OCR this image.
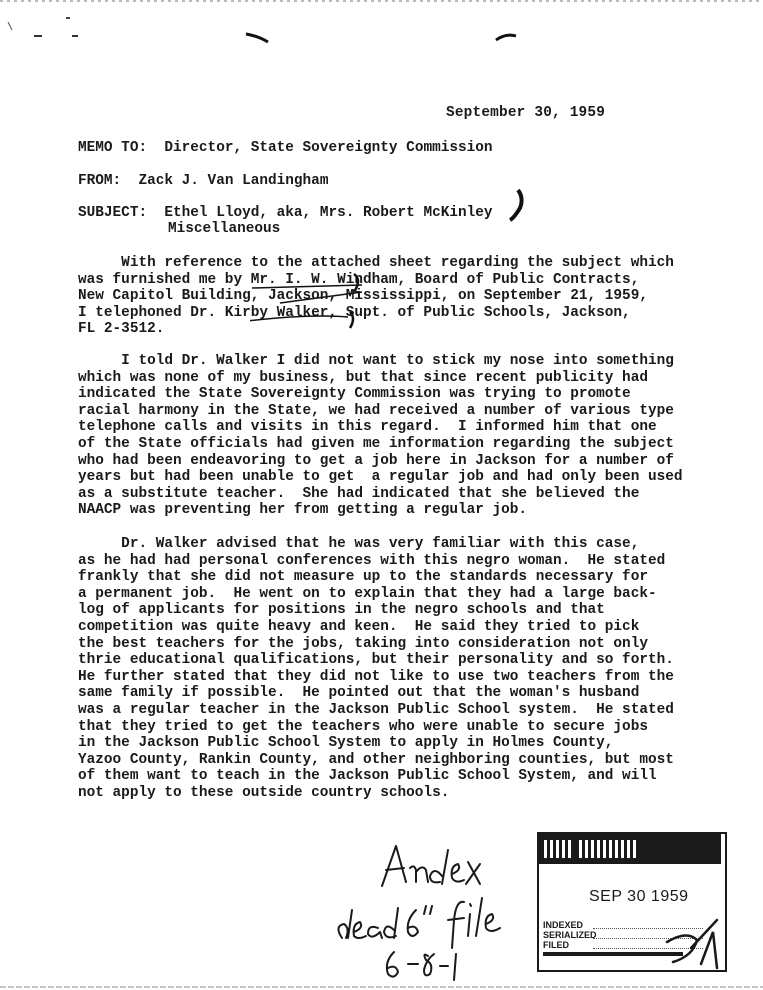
September 30, 1959
MEMO TO: Director, State Sovereignty Commission
FROM: Zack J. Van Landingham
SUBJECT: Ethel Lloyd, aka, Mrs. Robert McKinley
Miscellaneous
With reference to the attached sheet regarding the subject which
was furnished me by Mr. I. W. Windham, Board of Public Contracts,
New Capitol Building, Jackson, Mississippi, on September 21, 1959,
I telephoned Dr. Kirby Walker, Supt. of Public Schools, Jackson,
FL 2-3512.
I told Dr. Walker I did not want to stick my nose into something
which was none of my business, but that since recent publicity had
indicated the State Sovereignty Commission was trying to promote
racial harmony in the State, we had received a number of various type
telephone calls and visits in this regard.  I informed him that one
of the State officials had given me information regarding the subject
who had been endeavoring to get a job here in Jackson for a number of
years but had been unable to get  a regular job and had only been used
as a substitute teacher.  She had indicated that she believed the
NAACP was preventing her from getting a regular job.
Dr. Walker advised that he was very familiar with this case,
as he had had personal conferences with this negro woman.  He stated
frankly that she did not measure up to the standards necessary for
a permanent job.  He went on to explain that they had a large back-
log of applicants for positions in the negro schools and that
competition was quite heavy and keen.  He said they tried to pick
the best teachers for the jobs, taking into consideration not only
thrie educational qualifications, but their personality and so forth.
He further stated that they did not like to use two teachers from the
same family if possible.  He pointed out that the woman's husband
was a regular teacher in the Jackson Public School system.  He stated
that they tried to get the teachers who were unable to secure jobs
in the Jackson Public School System to apply in Holmes County,
Yazoo County, Rankin County, and other neighboring counties, but most
of them want to teach in the Jackson Public School System, and will
not apply to these outside country schools.
SEP 30 1959
INDEXED
SERIALIZED
FILED
